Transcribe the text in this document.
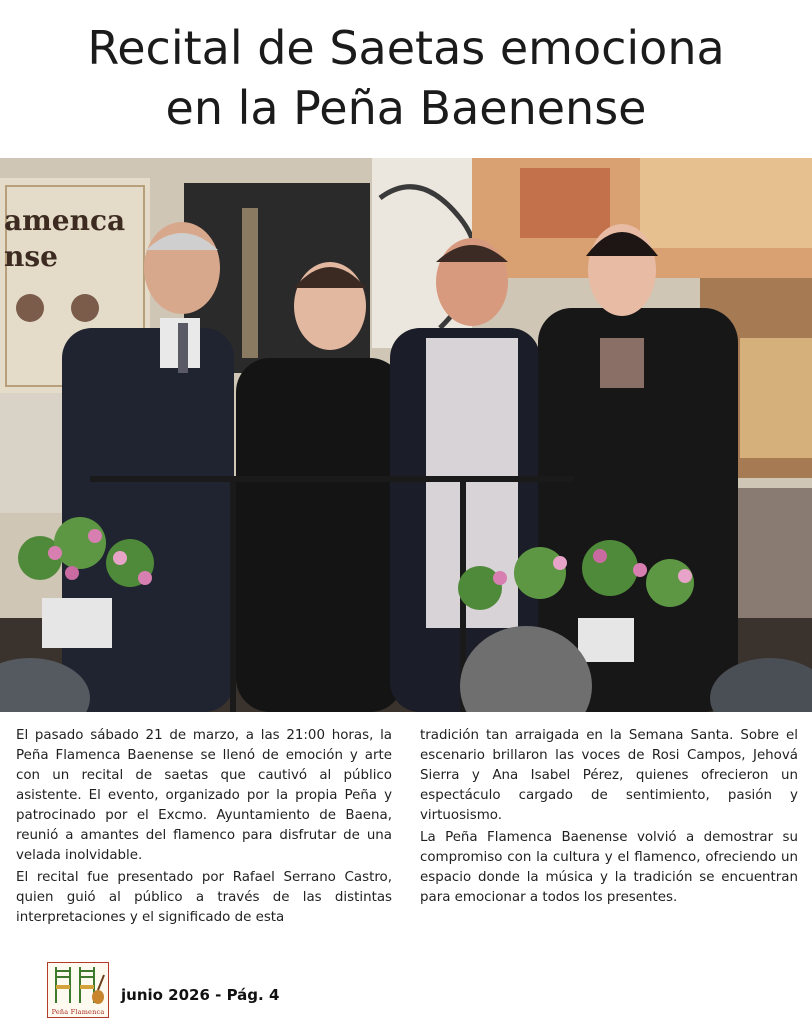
Recital de Saetas emociona
en la Peña Baenense
amenca
nse

El pasado sábado 21 de marzo, a las 21:00 horas, la Peña Flamenca Baenense se llenó de emoción y arte con un recital de saetas que cautivó al público asistente. El evento, organizado por la propia Peña y patrocinado por el Excmo. Ayuntamiento de Baena, reunió a amantes del flamenco para disfrutar de una velada inolvidable.

El recital fue presentado por Rafael Serrano Castro, quien guió al público a través de las distintas interpretaciones y el significado de esta

tradición tan arraigada en la Semana Santa. Sobre el escenario brillaron las voces de Rosi Campos, Jehová Sierra y Ana Isabel Pérez, quienes ofrecieron un espectáculo cargado de sentimiento, pasión y virtuosismo.

La Peña Flamenca Baenense volvió a demostrar su compromiso con la cultura y el flamenco, ofreciendo un espacio donde la música y la tradición se encuentran para emocionar a todos los presentes.

Peña Flamenca
junio 2026 - Pág. 4
